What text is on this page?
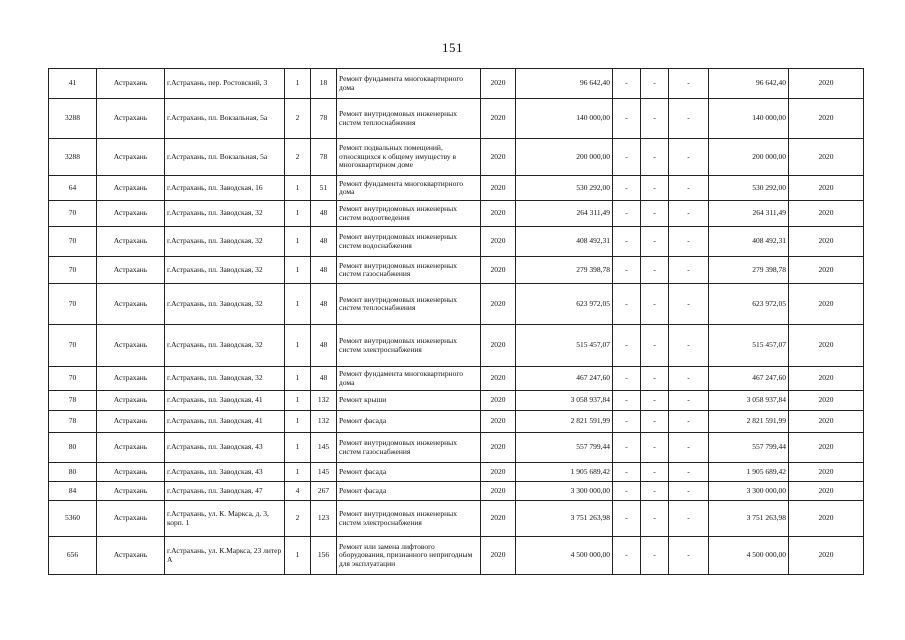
151
41	Астрахань	г.Астрахань, пер. Ростовский, 3	1	18	Ремонт фундамента многоквартирного дома	2020	96 642,40	-	-	-	96 642,40	2020
3288	Астрахань	г.Астрахань, пл. Вокзальная, 5а	2	78	Ремонт внутридомовых инженерных систем теплоснабжения	2020	140 000,00	-	-	-	140 000,00	2020
3288	Астрахань	г.Астрахань, пл. Вокзальная, 5а	2	78	Ремонт подвальных помещений, относящихся к общему имуществу в многоквартирном доме	2020	200 000,00	-	-	-	200 000,00	2020
64	Астрахань	г.Астрахань, пл. Заводская, 16	1	51	Ремонт фундамента многоквартирного дома	2020	530 292,00	-	-	-	530 292,00	2020
70	Астрахань	г.Астрахань, пл. Заводская, 32	1	48	Ремонт внутридомовых инженерных систем водоотведения	2020	264 311,49	-	-	-	264 311,49	2020
70	Астрахань	г.Астрахань, пл. Заводская, 32	1	48	Ремонт внутридомовых инженерных систем водоснабжения	2020	408 492,31	-	-	-	408 492,31	2020
70	Астрахань	г.Астрахань, пл. Заводская, 32	1	48	Ремонт внутридомовых инженерных систем газоснабжения	2020	279 398,78	-	-	-	279 398,78	2020
70	Астрахань	г.Астрахань, пл. Заводская, 32	1	48	Ремонт внутридомовых инженерных систем теплоснабжения	2020	623 972,05	-	-	-	623 972,05	2020
70	Астрахань	г.Астрахань, пл. Заводская, 32	1	48	Ремонт внутридомовых инженерных систем электроснабжения	2020	515 457,07	-	-	-	515 457,07	2020
70	Астрахань	г.Астрахань, пл. Заводская, 32	1	48	Ремонт фундамента многоквартирного дома	2020	467 247,60	-	-	-	467 247,60	2020
78	Астрахань	г.Астрахань, пл. Заводская, 41	1	132	Ремонт крыши	2020	3 058 937,84	-	-	-	3 058 937,84	2020
78	Астрахань	г.Астрахань, пл. Заводская, 41	1	132	Ремонт фасада	2020	2 821 591,99	-	-	-	2 821 591,99	2020
80	Астрахань	г.Астрахань, пл. Заводская, 43	1	145	Ремонт внутридомовых инженерных систем газоснабжения	2020	557 799,44	-	-	-	557 799,44	2020
80	Астрахань	г.Астрахань, пл. Заводская, 43	1	145	Ремонт фасада	2020	1 905 689,42	-	-	-	1 905 689,42	2020
84	Астрахань	г.Астрахань, пл. Заводская, 47	4	267	Ремонт фасада	2020	3 300 000,00	-	-	-	3 300 000,00	2020
5360	Астрахань	г.Астрахань, ул. К. Маркса, д. 3, корп. 1	2	123	Ремонт внутридомовых инженерных систем электроснабжения	2020	3 751 263,98	-	-	-	3 751 263,98	2020
656	Астрахань	г.Астрахань, ул. К.Маркса, 23 литер А	1	156	Ремонт или замена лифтового оборудования, признанного непригодным для эксплуатации	2020	4 500 000,00	-	-	-	4 500 000,00	2020
